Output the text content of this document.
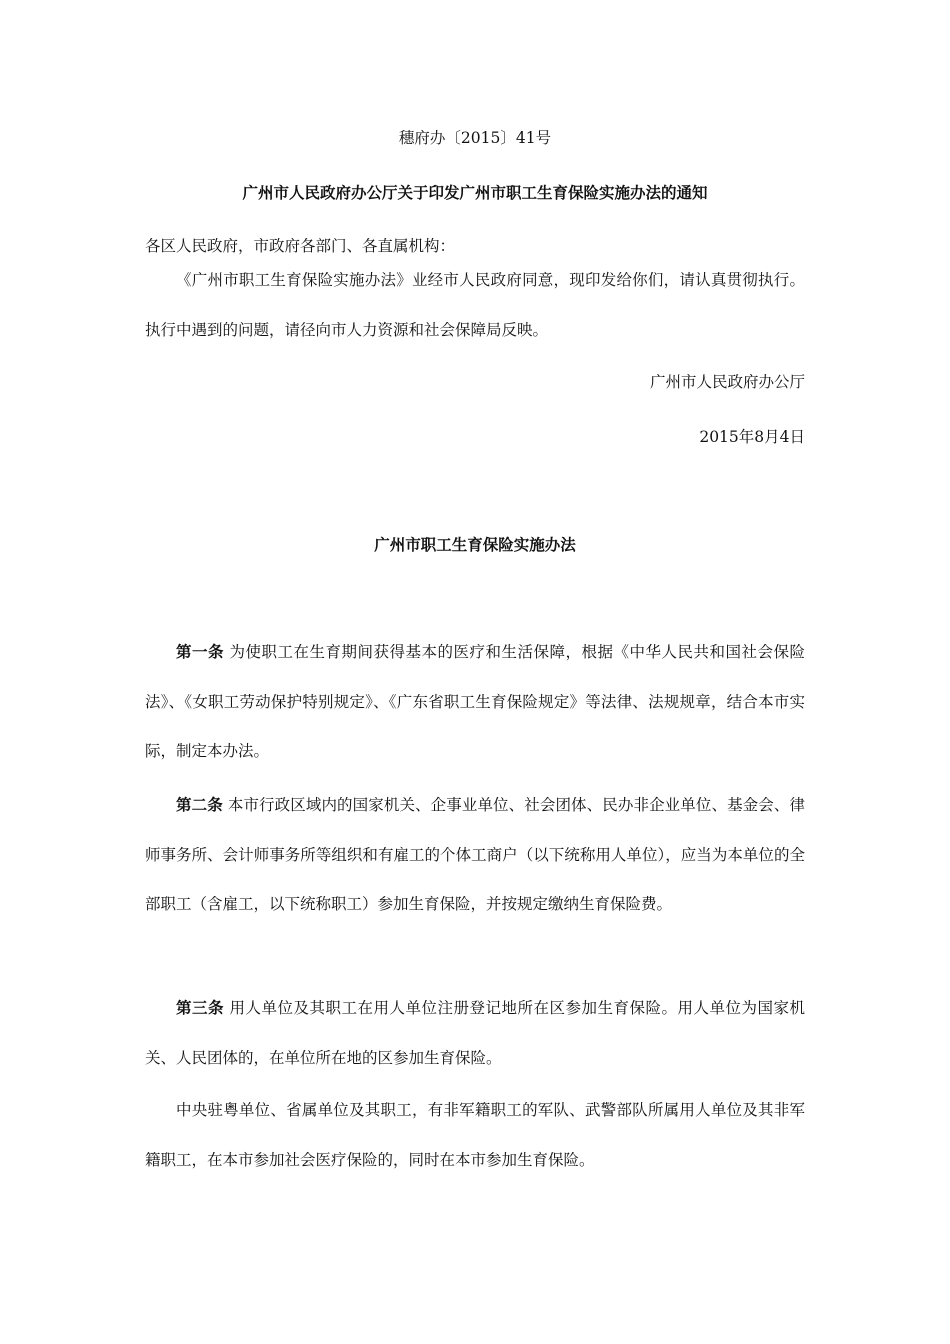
穗府办〔2015〕41号
广州市人民政府办公厅关于印发广州市职工生育保险实施办法的通知
各区人民政府，市政府各部门、各直属机构：
《广州市职工生育保险实施办法》业经市人民政府同意，现印发给你们，请认真贯彻执行。执行中遇到的问题，请径向市人力资源和社会保障局反映。
广州市人民政府办公厅
2015年8月4日
广州市职工生育保险实施办法
第一条 为使职工在生育期间获得基本的医疗和生活保障，根据《中华人民共和国社会保险法》、《女职工劳动保护特别规定》、《广东省职工生育保险规定》等法律、法规规章，结合本市实际，制定本办法。
第二条 本市行政区域内的国家机关、企事业单位、社会团体、民办非企业单位、基金会、律师事务所、会计师事务所等组织和有雇工的个体工商户（以下统称用人单位），应当为本单位的全部职工（含雇工，以下统称职工）参加生育保险，并按规定缴纳生育保险费。
第三条 用人单位及其职工在用人单位注册登记地所在区参加生育保险。用人单位为国家机关、人民团体的，在单位所在地的区参加生育保险。
中央驻粤单位、省属单位及其职工，有非军籍职工的军队、武警部队所属用人单位及其非军籍职工，在本市参加社会医疗保险的，同时在本市参加生育保险。
